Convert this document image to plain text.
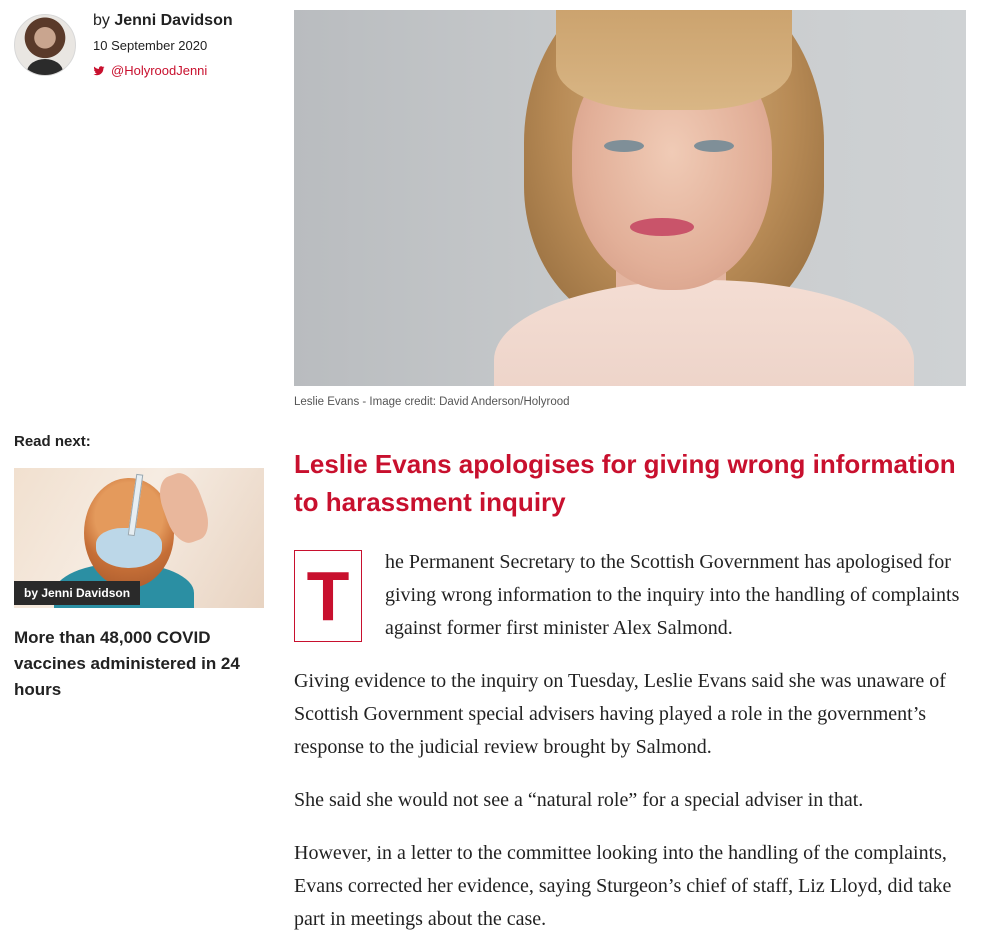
by Jenni Davidson
10 September 2020
@HolyroodJenni
Leslie Evans - Image credit: David Anderson/Holyrood
Read next:
by Jenni Davidson
More than 48,000 COVID vaccines administered in 24 hours
Leslie Evans apologises for giving wrong information to harassment inquiry
T	he Permanent Secretary to the Scottish Government has apologised for giving wrong information to the inquiry into the handling of complaints against former first minister Alex Salmond.

Giving evidence to the inquiry on Tuesday, Leslie Evans said she was unaware of Scottish Government special advisers having played a role in the government’s response to the judicial review brought by Salmond.

She said she would not see a “natural role” for a special adviser in that.

However, in a letter to the committee looking into the handling of the complaints, Evans corrected her evidence, saying Sturgeon’s chief of staff, Liz Lloyd, did take part in meetings about the case.
